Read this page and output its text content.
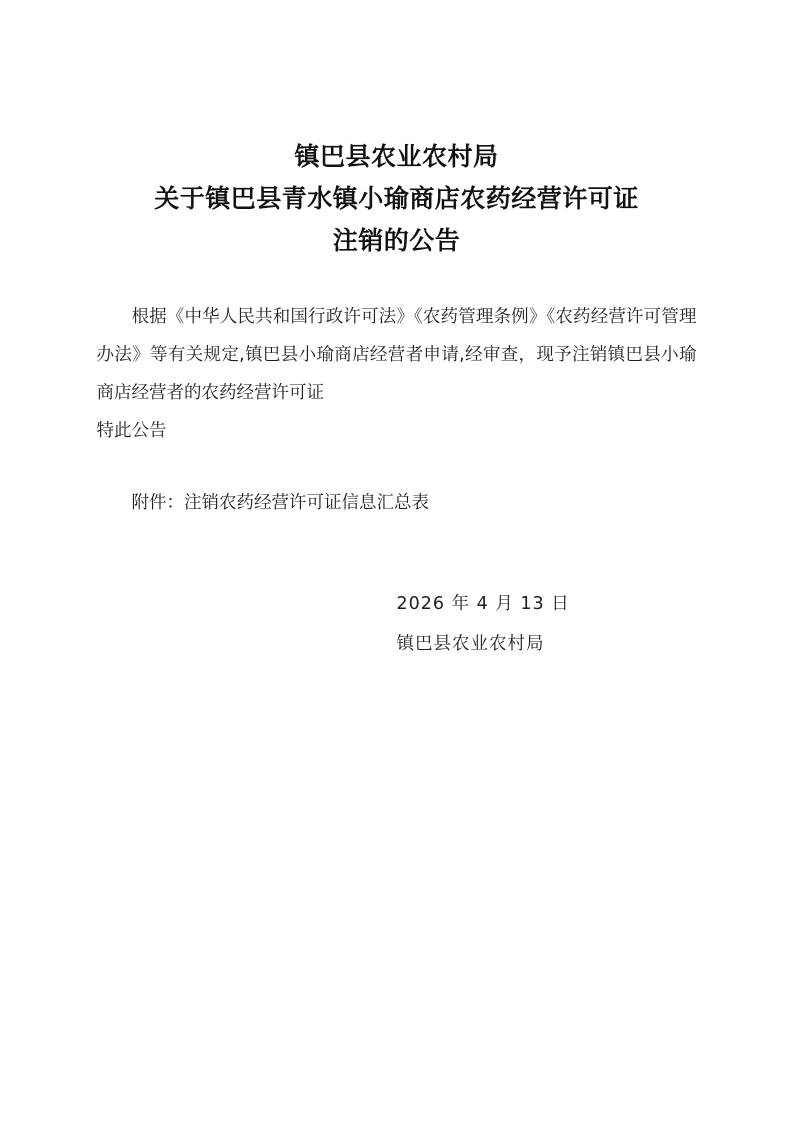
镇巴县农业农村局
关于镇巴县青水镇小瑜商店农药经营许可证
注销的公告

根据《中华人民共和国行政许可法》《农药管理条例》《农药经营许可管理办法》等有关规定,镇巴县小瑜商店经营者申请,经审查，现予注销镇巴县小瑜商店经营者的农药经营许可证

特此公告

附件：注销农药经营许可证信息汇总表
2026 年 4 月 13 日
镇巴县农业农村局
